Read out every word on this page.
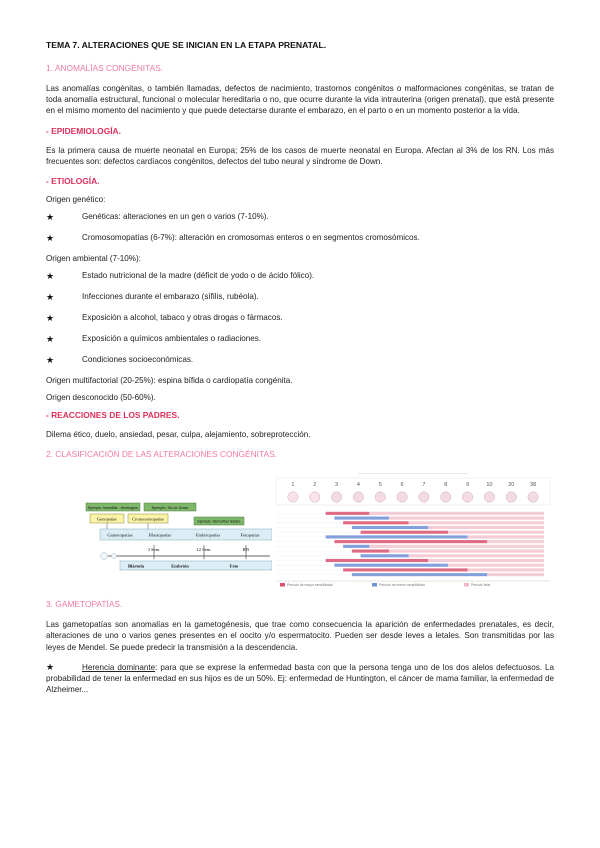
TEMA 7. ALTERACIONES QUE SE INICIAN EN LA ETAPA PRENATAL.
1. ANOMALÍAS CONGÉNITAS.

Las anomalías congénitas, o también llamadas, defectos de nacimiento, trastornos congénitos o malformaciones congénitas, se tratan de toda anomalía estructural, funcional o molecular hereditaria o no, que ocurre durante la vida intrauterina (origen prenatal), que está presente en el mismo momento del nacimiento y que puede detectarse durante el embarazo, en el parto o en un momento posterior a la vida.

- EPIDEMIOLOGÍA.

Es la primera causa de muerte neonatal en Europa; 25% de los casos de muerte neonatal en Europa. Afectan al 3% de los RN. Los más frecuentes son: defectos cardíacos congénitos, defectos del tubo neural y síndrome de Down.

- ETIOLOGÍA.
Origen genético:
★	Genéticas: alteraciones en un gen o varios (7-10%).
★	Cromosomopatías (6-7%): alteración en cromosomas enteros o en segmentos cromosómicos.
Origen ambiental (7-10%):
★	Estado nutricional de la madre (déficit de yodo o de ácido fólico).
★	Infecciones durante el embarazo (sífilis, rubéola).
★	Exposición a alcohol, tabaco y otras drogas o fármacos.
★	Exposición a químicos ambientales o radiaciones.
★	Condiciones socioeconómicas.
Origen multifactorial (20-25%): espina bífida o cardiopatía congénita.
Origen desconocido (50-60%).
- REACCIONES DE LOS PADRES.

Dilema ético, duelo, ansiedad, pesar, culpa, alejamiento, sobreprotección.

2. CLASIFICACIÓN DE LAS ALTERACIONES CONGÉNITAS.
Ejemplo: hemofilia - Huntington	Ejemplo: SA de Down
Genopatías	Cromosomopatías	Ejemplo: dismorfias fetales
Gametopatías	Blastopatías	Embriopatías	Fetopatías
3 Sem.	12 Sem.	RN
Blástula	Embrión	Feto
— — — — — — — — — — — — — — — — — — — — — — — — — — —
1	2	3	4	5	6	7	8	9	10	20	38
Período de mayor sensibilidad	Período de menor sensibilidad	Período fetal
3. GAMETOPATÍAS.

Las gametopatías son anomalías en la gametogénesis, que trae como consecuencia la aparición de enfermedades prenatales, es decir, alteraciones de uno o varios genes presentes en el oocito y/o espermatocito. Pueden ser desde leves a letales. Son transmitidas por las leyes de Mendel. Se puede predecir la transmisión a la descendencia.

★	Herencia dominante: para que se exprese la enfermedad basta con que la persona tenga uno de los dos alelos defectuosos. La probabilidad de tener la enfermedad en sus hijos es de un 50%. Ej: enfermedad de Huntington, el cáncer de mama familiar, la enfermedad de Alzheimer...
